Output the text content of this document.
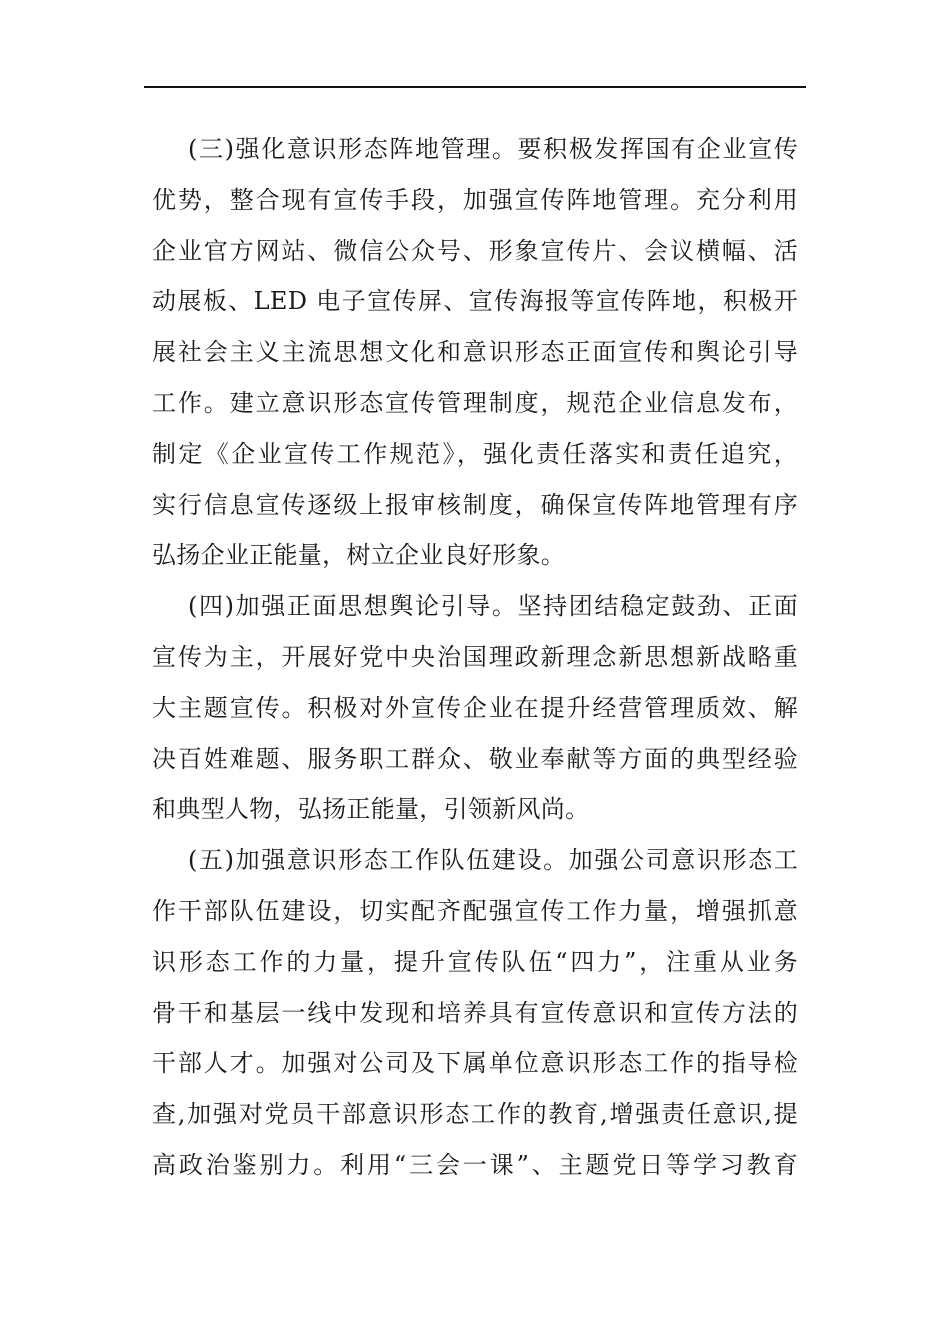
(三)强化意识形态阵地管理。要积极发挥国有企业宣传
优势，整合现有宣传手段，加强宣传阵地管理。充分利用
企业官方网站、微信公众号、形象宣传片、会议横幅、活
动展板、LED 电子宣传屏、宣传海报等宣传阵地，积极开
展社会主义主流思想文化和意识形态正面宣传和舆论引导
工作。建立意识形态宣传管理制度，规范企业信息发布，
制定《企业宣传工作规范》，强化责任落实和责任追究，
实行信息宣传逐级上报审核制度，确保宣传阵地管理有序
弘扬企业正能量，树立企业良好形象。
(四)加强正面思想舆论引导。坚持团结稳定鼓劲、正面
宣传为主，开展好党中央治国理政新理念新思想新战略重
大主题宣传。积极对外宣传企业在提升经营管理质效、解
决百姓难题、服务职工群众、敬业奉献等方面的典型经验
和典型人物，弘扬正能量，引领新风尚。
(五)加强意识形态工作队伍建设。加强公司意识形态工
作干部队伍建设，切实配齐配强宣传工作力量，增强抓意
识形态工作的力量，提升宣传队伍“四力”，注重从业务
骨干和基层一线中发现和培养具有宣传意识和宣传方法的
干部人才。加强对公司及下属单位意识形态工作的指导检
查,加强对党员干部意识形态工作的教育,增强责任意识,提
高政治鉴别力。利用“三会一课”、主题党日等学习教育
